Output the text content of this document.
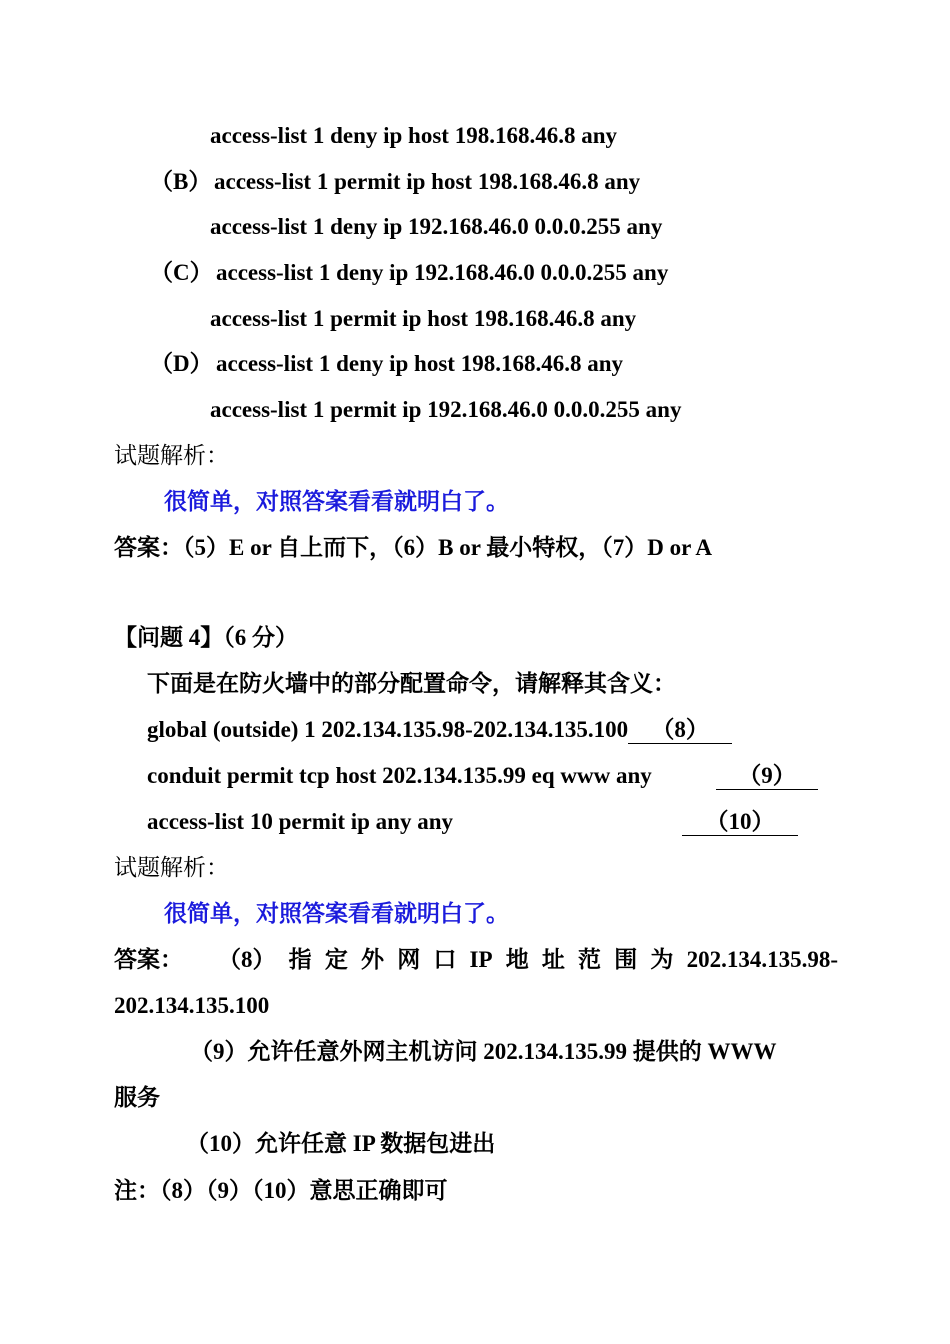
access-list 1 deny ip host 198.168.46.8 any
（B） access-list 1 permit ip host 198.168.46.8 any
access-list 1 deny ip 192.168.46.0 0.0.0.255 any
（C） access-list 1 deny ip 192.168.46.0 0.0.0.255 any
access-list 1 permit ip host 198.168.46.8 any
（D） access-list 1 deny ip host 198.168.46.8 any
access-list 1 permit ip 192.168.46.0 0.0.0.255 any
试题解析：
很简单，对照答案看看就明白了。
答案：（5）E or 自上而下，（6）B or 最小特权，（7）D or A
【问题 4】（6 分）
下面是在防火墙中的部分配置命令，请解释其含义：
global (outside) 1 202.134.135.98-202.134.135.100 （8）
conduit permit tcp host 202.134.135.99 eq www any	（9）
access-list 10 permit ip any any	（10）
试题解析：
很简单，对照答案看看就明白了。
答案： （8） 指 定 外 网 口 IP 地 址 范 围 为 202.134.135.98-
202.134.135.100
（9）允许任意外网主机访问 202.134.135.99 提供的 WWW
服务
（10）允许任意 IP 数据包进出
注：（8）（9）（10）意思正确即可
